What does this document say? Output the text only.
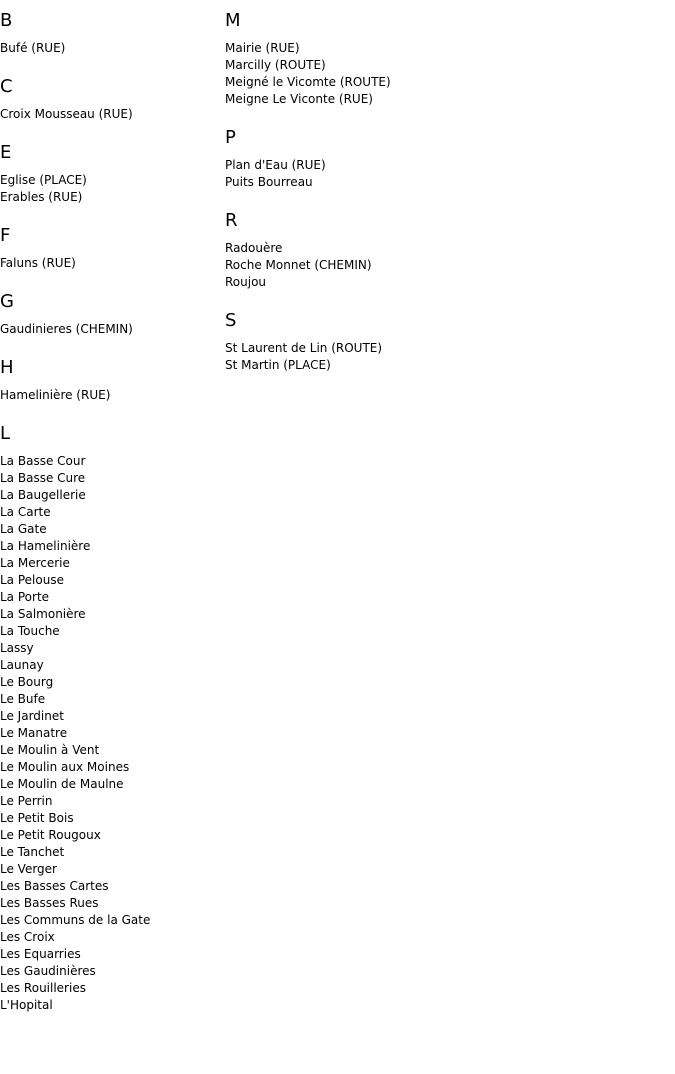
B
Bufé (RUE)
C
Croix Mousseau (RUE)
E
Eglise (PLACE)
Erables (RUE)
F
Faluns (RUE)
G
Gaudinieres (CHEMIN)
H
Hamelinière (RUE)
L
La Basse Cour
La Basse Cure
La Baugellerie
La Carte
La Gate
La Hamelinière
La Mercerie
La Pelouse
La Porte
La Salmonière
La Touche
Lassy
Launay
Le Bourg
Le Bufe
Le Jardinet
Le Manatre
Le Moulin à Vent
Le Moulin aux Moines
Le Moulin de Maulne
Le Perrin
Le Petit Bois
Le Petit Rougoux
Le Tanchet
Le Verger
Les Basses Cartes
Les Basses Rues
Les Communs de la Gate
Les Croix
Les Equarries
Les Gaudinières
Les Rouilleries
L'Hopital
M
Mairie (RUE)
Marcilly (ROUTE)
Meigné le Vicomte (ROUTE)
Meigne Le Viconte (RUE)
P
Plan d'Eau (RUE)
Puits Bourreau
R
Radouère
Roche Monnet (CHEMIN)
Roujou
S
St Laurent de Lin (ROUTE)
St Martin (PLACE)
